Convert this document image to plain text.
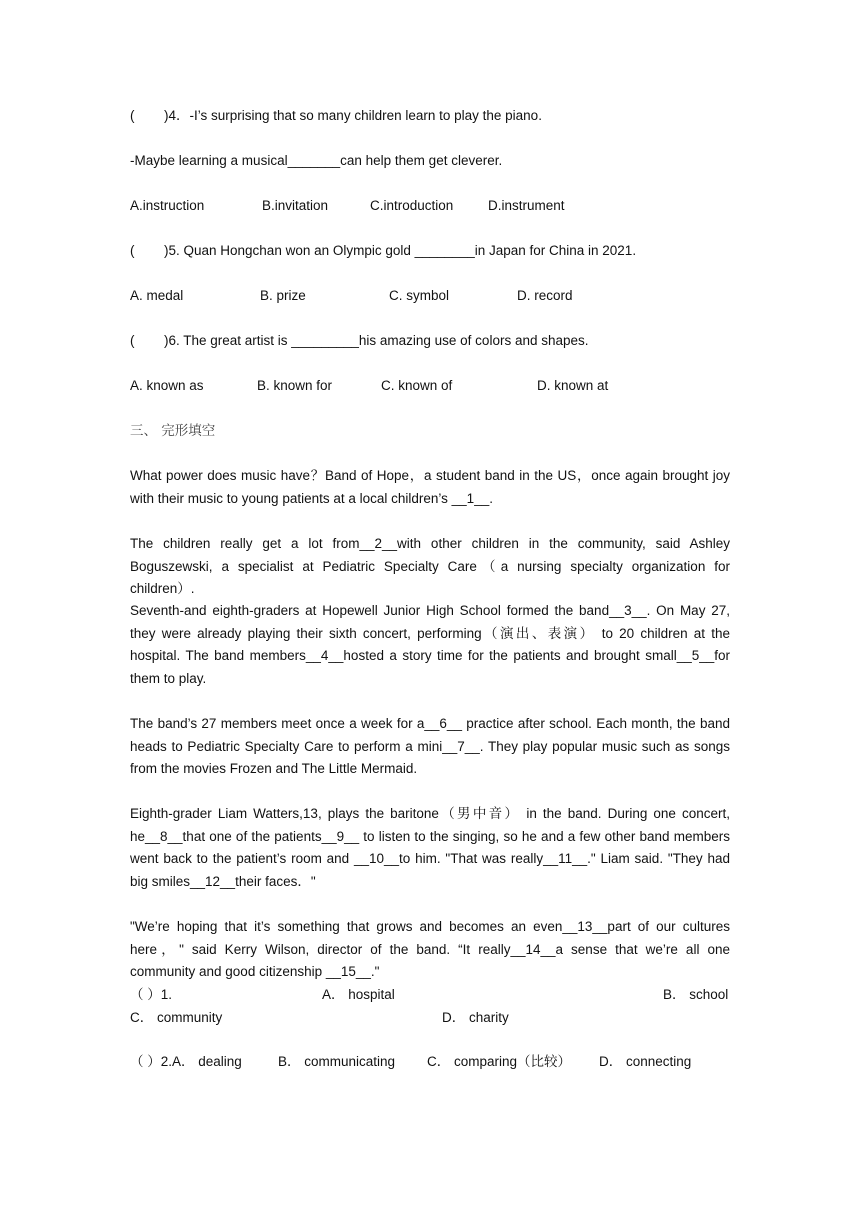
( )4．-I’s surprising that so many children learn to play the piano.
-Maybe learning a musical_______can help them get cleverer.
A.instruction	B.invitation	C.introduction	D.instrument
( )5. Quan Hongchan won an Olympic gold ________in Japan for China in 2021.
A. medal	B. prize	C. symbol	D. record
( )6. The great artist is _________his amazing use of colors and shapes.
A. known as	B. known for	C. known of	D. known at
三、 完形填空
What power does music have？Band of Hope，a student band in the US，once again brought joy with their music to young patients at a local children’s __1__.
The children really get a lot from__2__with other children in the community, said Ashley Boguszewski, a specialist at Pediatric Specialty Care（a nursing specialty organization for children）.
Seventh-and eighth-graders at Hopewell Junior High School formed the band__3__. On May 27, they were already playing their sixth concert, performing（演出、表演） to 20 children at the hospital. The band members__4__hosted a story time for the patients and brought small__5__for them to play.
The band’s 27 members meet once a week for a__6__ practice after school. Each month, the band heads to Pediatric Specialty Care to perform a mini__7__. They play popular music such as songs from the movies Frozen and The Little Mermaid.
Eighth-grader Liam Watters,13, plays the baritone（男中音） in the band. During one concert, he__8__that one of the patients__9__ to listen to the singing, so he and a few other band members went back to the patient’s room and __10__to him. "That was really__11__." Liam said. "They had big smiles__12__their faces．"
"We’re hoping that it’s something that grows and becomes an even__13__part of our cultures here，" said Kerry Wilson, director of the band. “It really__14__a sense that we’re all one community and good citizenship __15__."
（ ）1.	A． hospital	B． school
C． community	D． charity
（ ）2.A． dealing	B． communicating C． comparing（比较） D． connecting
